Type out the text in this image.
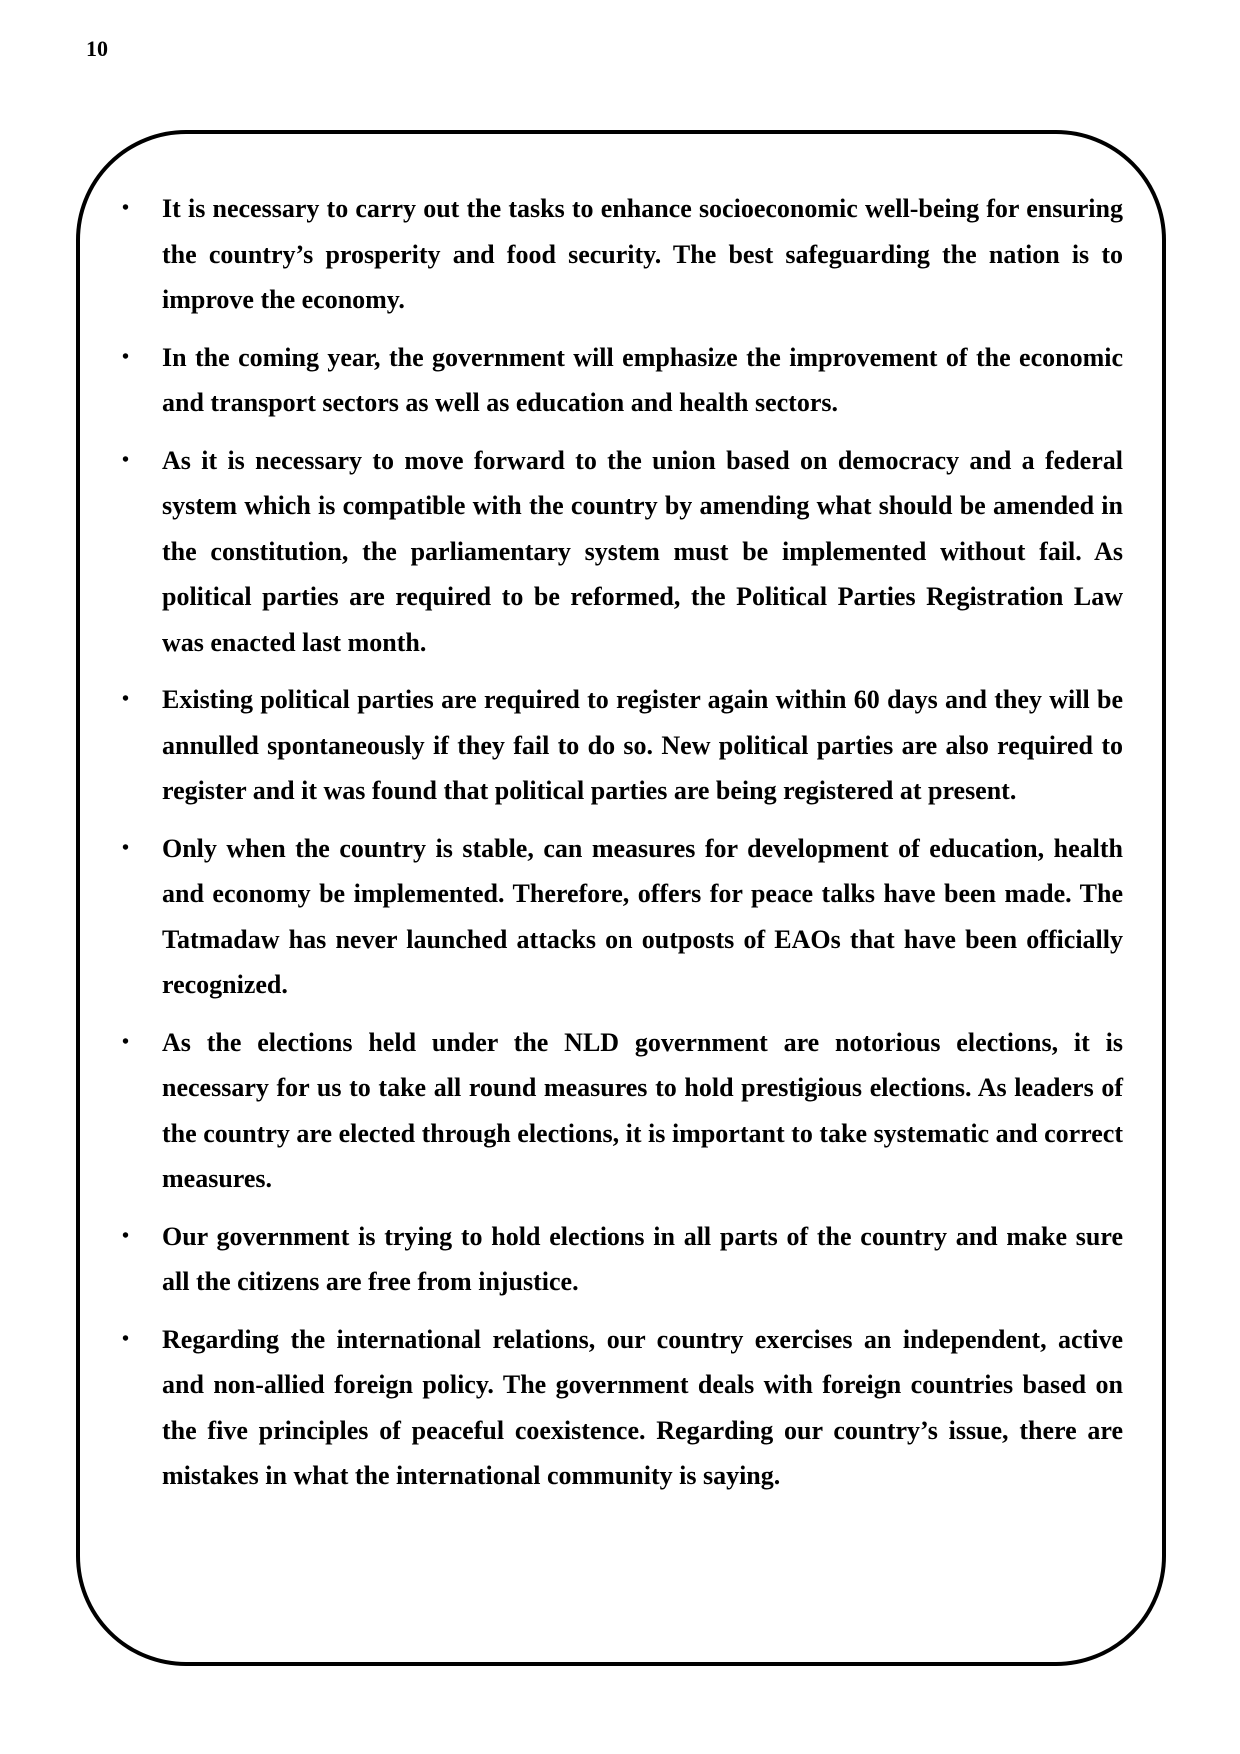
10
• It is necessary to carry out the tasks to enhance socioeconomic well-being for ensuring the country’s prosperity and food security. The best safeguarding the nation is to improve the economy.
• In the coming year, the government will emphasize the improvement of the economic and transport sectors as well as education and health sectors.
• As it is necessary to move forward to the union based on democracy and a federal system which is compatible with the country by amending what should be amended in the constitution, the parliamentary system must be implemented without fail. As political parties are required to be reformed, the Political Parties Registration Law was enacted last month.
• Existing political parties are required to register again within 60 days and they will be annulled spontaneously if they fail to do so. New political parties are also required to register and it was found that political parties are being registered at present.
• Only when the country is stable, can measures for development of education, health and economy be implemented. Therefore, offers for peace talks have been made. The Tatmadaw has never launched attacks on outposts of EAOs that have been officially recognized.
• As the elections held under the NLD government are notorious elections, it is necessary for us to take all round measures to hold prestigious elections. As leaders of the country are elected through elections, it is important to take systematic and correct measures.
• Our government is trying to hold elections in all parts of the country and make sure all the citizens are free from injustice.
• Regarding the international relations, our country exercises an independent, active and non-allied foreign policy. The government deals with foreign countries based on the five principles of peaceful coexistence. Regarding our country’s issue, there are mistakes in what the international community is saying.
